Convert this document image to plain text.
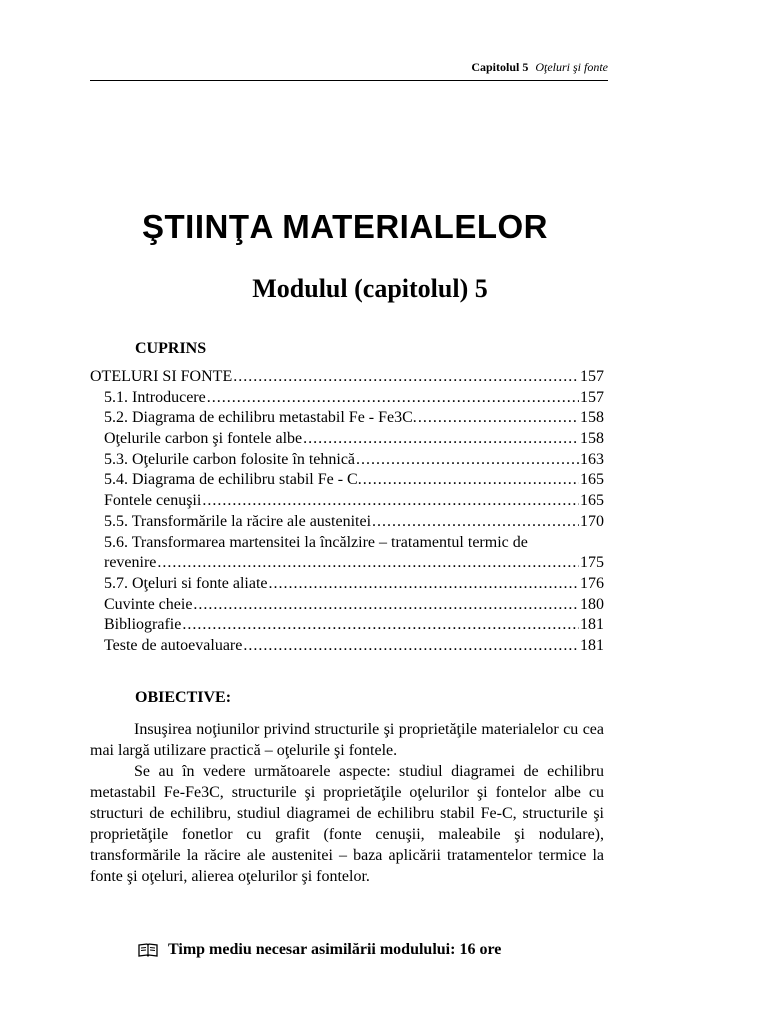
Capitolul 5 Oţeluri şi fonte
ŞTIINŢA MATERIALELOR
Modulul (capitolul) 5
CUPRINS
OTELURI SI FONTE . . .	157
5.1. Introducere . . .	157
5.2. Diagrama de echilibru metastabil Fe - Fe3C. . . .	158
Oţelurile carbon şi fontele albe . . .	158
5.3. Oţelurile carbon folosite în tehnică . . .	163
5.4. Diagrama de echilibru stabil Fe - C. . . .	165
Fontele cenuşii . . .	165
5.5. Transformările la răcire ale austenitei . . .	170
5.6. Transformarea martensitei la încălzire – tratamentul termic de
revenire . . .	175
5.7. Oţeluri si fonte aliate . . .	176
Cuvinte cheie . . .	180
Bibliografie . . .	181
Teste de autoevaluare . . .	181
OBIECTIVE:

Insuşirea noţiunilor privind structurile şi proprietăţile materialelor cu cea mai largă utilizare practică – oţelurile şi fontele.

Se au în vedere următoarele aspecte: studiul diagramei de echilibru metastabil Fe-Fe3C, structurile şi proprietăţile oţelurilor şi fontelor albe cu structuri de echilibru, studiul diagramei de echilibru stabil Fe-C, structurile şi proprietăţile fonetlor cu grafit (fonte cenuşii, maleabile şi nodulare), transformările la răcire ale austenitei – baza aplicării tratamentelor termice la fonte şi oţeluri, alierea oţelurilor şi fontelor.

Timp mediu necesar asimilării modulului: 16 ore
